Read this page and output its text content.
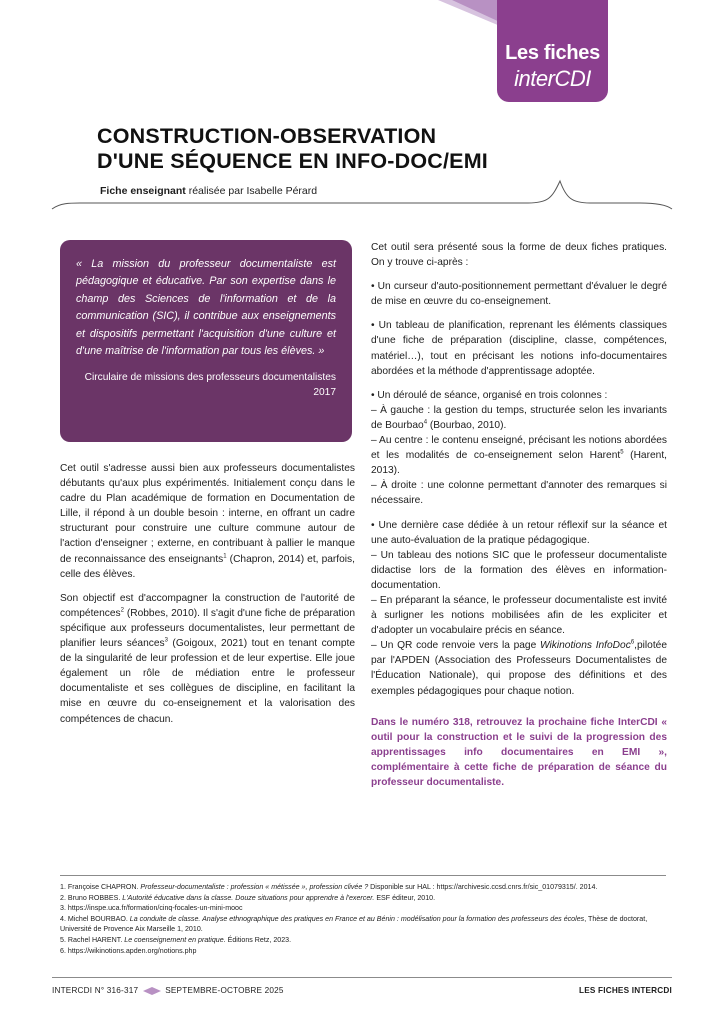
Les fiches
interCDI
CONSTRUCTION-OBSERVATION
D'UNE SÉQUENCE EN INFO-DOC/EMI
Fiche enseignant réalisée par Isabelle Pérard

« La mission du professeur documentaliste est pédagogique et éducative. Par son expertise dans le champ des Sciences de l'information et de la communication (SIC), il contribue aux enseignements et dispositifs permettant l'acquisition d'une culture et d'une maîtrise de l'information par tous les élèves. »

Circulaire de missions des professeurs documentalistes 2017

Cet outil s'adresse aussi bien aux professeurs documentalistes débutants qu'aux plus expérimentés. Initialement conçu dans le cadre du Plan académique de formation en Documentation de Lille, il répond à un double besoin : interne, en offrant un cadre structurant pour construire une culture commune autour de l'action d'enseigner ; externe, en contribuant à pallier le manque de reconnaissance des enseignants$^1$ (Chapron, 2014) et, parfois, celle des élèves.

Son objectif est d'accompagner la construction de l'autorité de compétences$^2$ (Robbes, 2010). Il s'agit d'une fiche de préparation spécifique aux professeurs documentalistes, leur permettant de planifier leurs séances$^3$ (Goigoux, 2021) tout en tenant compte de la singularité de leur profession et de leur expertise. Elle joue également un rôle de médiation entre le professeur documentaliste et ses collègues de discipline, en facilitant la mise en œuvre du co-enseignement et la valorisation des compétences de chacun.

Cet outil sera présenté sous la forme de deux fiches pratiques. On y trouve ci-après :

• Un curseur d'auto-positionnement permettant d'évaluer le degré de mise en œuvre du co-enseignement.

• Un tableau de planification, reprenant les éléments classiques d'une fiche de préparation (discipline, classe, compétences, matériel…), tout en précisant les notions info-documentaires abordées et la méthode d'apprentissage adoptée.

• Un déroulé de séance, organisé en trois colonnes :

– À gauche : la gestion du temps, structurée selon les invariants de Bourbao$^4$ (Bourbao, 2010).

– Au centre : le contenu enseigné, précisant les notions abordées et les modalités de co-enseignement selon Harent$^5$ (Harent, 2013).

– À droite : une colonne permettant d'annoter des remarques si nécessaire.

• Une dernière case dédiée à un retour réflexif sur la séance et une auto-évaluation de la pratique pédagogique.

– Un tableau des notions SIC que le professeur documentaliste didactise lors de la formation des élèves en information-documentation.

– En préparant la séance, le professeur documentaliste est invité à surligner les notions mobilisées afin de les expliciter et d'adopter un vocabulaire précis en séance.

– Un QR code renvoie vers la page Wikinotions InfoDoc$^6$,pilotée par l'APDEN (Association des Professeurs Documentalistes de l'Éducation Nationale), qui propose des définitions et des exemples pédagogiques pour chaque notion.

Dans le numéro 318, retrouvez la prochaine fiche InterCDI « outil pour la construction et le suivi de la progression des apprentissages info documentaires en EMI », complémentaire à cette fiche de préparation de séance du professeur documentaliste.

1. Françoise CHAPRON. Professeur-documentaliste : profession « métissée », profession clivée ? Disponible sur HAL : https://archivesic.ccsd.cnrs.fr/sic_01079315/. 2014.
2. Bruno ROBBES. L'Autorité éducative dans la classe. Douze situations pour apprendre à l'exercer. ESF éditeur, 2010.
3. https://inspe.uca.fr/formation/cinq-focales-un-mini-mooc
4. Michel BOURBAO. La conduite de classe. Analyse ethnographique des pratiques en France et au Bénin : modélisation pour la formation des professeurs des écoles, Thèse de doctorat, Université de Provence Aix Marseille 1, 2010.
5. Rachel HARENT. Le coenseignement en pratique. Éditions Retz, 2023.
6. https://wikinotions.apden.org/notions.php
INTERCDI N° 316-317	SEPTEMBRE-OCTOBRE 2025	LES FICHES INTERCDI
